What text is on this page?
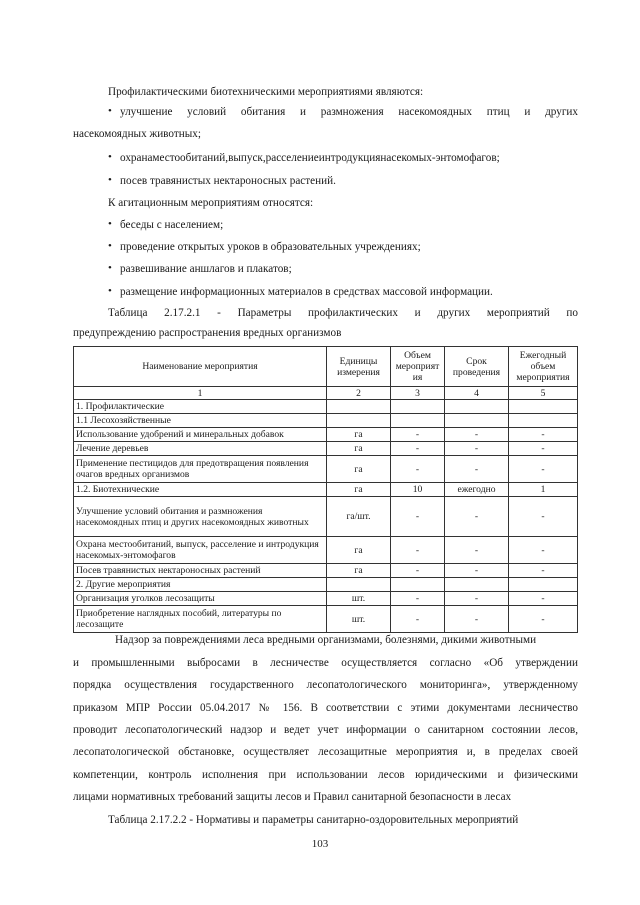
Профилактическими биотехническими мероприятиями являются:
• улучшение условий обитания и размножения насекомоядных птиц и других
насекомоядных животных;
• охранаместообитаний,выпуск,расселениеинтродукциянасекомых-энтомофагов;
• посев травянистых нектароносных растений.
К агитационным мероприятиям относятся:
• беседы с населением;
• проведение открытых уроков в образовательных учреждениях;
• развешивание аншлагов и плакатов;
• размещение информационных материалов в средствах массовой информации.
Таблица 2.17.2.1 - Параметры профилактических и других мероприятий по
предупреждению распространения вредных организмов
Наименование мероприятия	Единицы измерения	Объем мероприят ия	Срок проведения	Ежегодный объем мероприятия
1	2	3	4	5
1. Профилактические				
1.1 Лесохозяйственные				
Использование удобрений и минеральных добавок	га	-	-	-
Лечение деревьев	га	-	-	-
Применение пестицидов для предотвращения появления очагов вредных организмов	га	-	-	-
1.2. Биотехнические	га	10	ежегодно	1
Улучшение условий обитания и размножения насекомоядных птиц и других насекомоядных животных	га/шт.	-	-	-
Охрана местообитаний, выпуск, расселение и интродукция насекомых-энтомофагов	га	-	-	-
Посев травянистых нектароносных растений	га	-	-	-
2. Другие мероприятия				
Организация уголков лесозащиты	шт.	-	-	-
Приобретение наглядных пособий, литературы по лесозащите	шт.	-	-	-
Надзор за повреждениями леса вредными организмами, болезнями, дикими животными
и промышленными выбросами в лесничестве осуществляется согласно «Об утверждении
порядка осуществления государственного лесопатологического мониторинга», утвержденному
приказом МПР России 05.04.2017 № 156. В соответствии с этими документами лесничество
проводит лесопатологический надзор и ведет учет информации о санитарном состоянии лесов,
лесопатологической обстановке, осуществляет лесозащитные мероприятия и, в пределах своей
компетенции, контроль исполнения при использовании лесов юридическими и физическими
лицами нормативных требований защиты лесов и Правил санитарной безопасности в лесах
Таблица 2.17.2.2 - Нормативы и параметры санитарно-оздоровительных мероприятий
103
